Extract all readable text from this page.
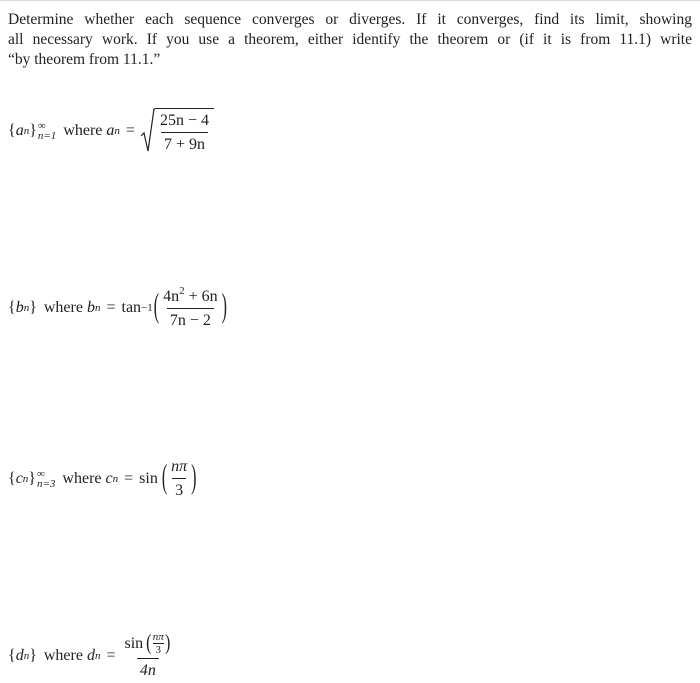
Determine whether each sequence converges or diverges. If it converges, find its limit, showing
all necessary work. If you use a theorem, either identify the theorem or (if it is from 11.1) write
“by theorem from 11.1.”
{ a n } ∞
n=1 where a $n = \frac{25n - 4}{7 + 9n}$
{ b n } where b n = tan −1 ( $\frac{4n^2 + 6n}{7n - 2}$ )
{ c n } ∞
n=3 where c n = sin ( $\frac{n\pi}{3}$ )
{ d n } where d n =
sin ( $\frac{n\pi}{3}$ )
4n
